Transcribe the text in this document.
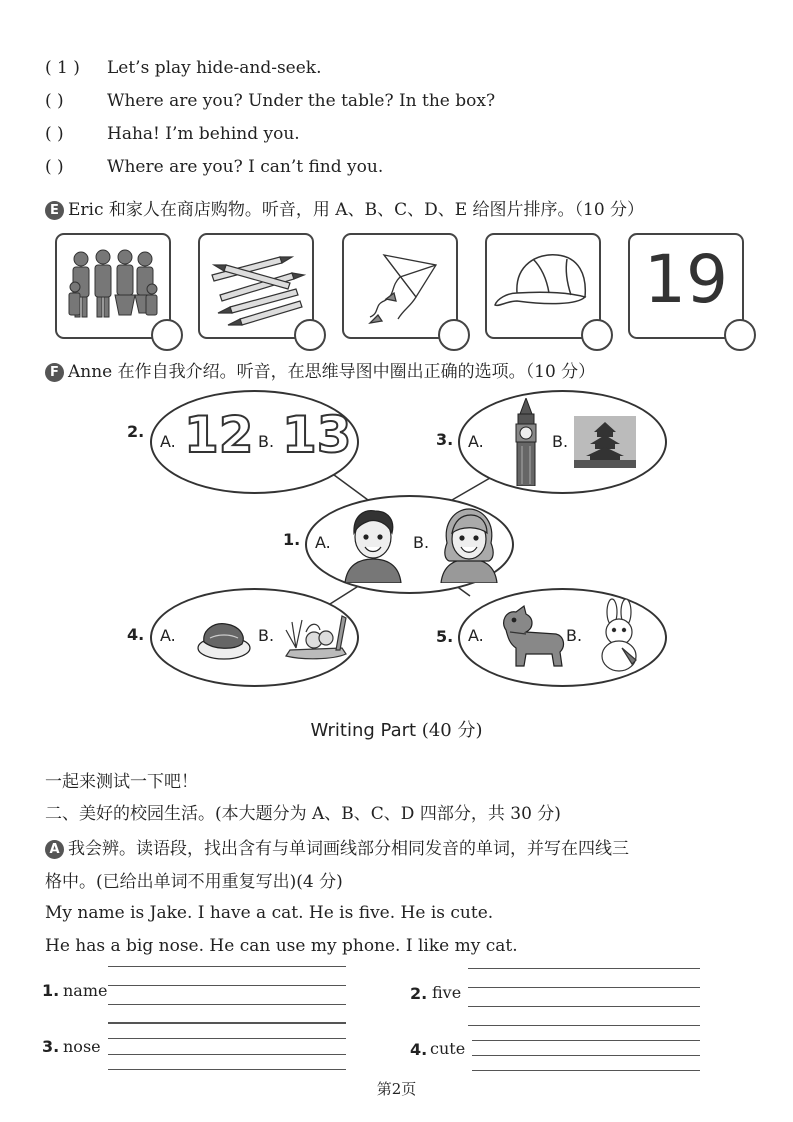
( 1 ) Let’s play hide-and-seek.
( )	Where are you? Under the table? In the box?
( )	Haha! I’m behind you.
( )	Where are you? I can’t find you.
E Eric 和家人在商店购物。听音，用 A、B、C、D、E 给图片排序。（10 分）
19
F Anne 在作自我介绍。听音，在思维导图中圈出正确的选项。（10 分）
2.
A. 12 B. 13	3. A.	B.
1. A.	B.
4. A.	B.	5. A.	B.
Writing Part (40 分)
一起来测试一下吧！
二、美好的校园生活。(本大题分为 A、B、C、D 四部分，共 30 分)
A 我会辨。读语段，找出含有与单词画线部分相同发音的单词，并写在四线三
格中。(已给出单词不用重复写出)(4 分)
My name is Jake. I have a cat. He is five. He is cute.
He has a big nose. He can use my phone. I like my cat.
1. name	2. five
3. nose	4. cute
第2页
